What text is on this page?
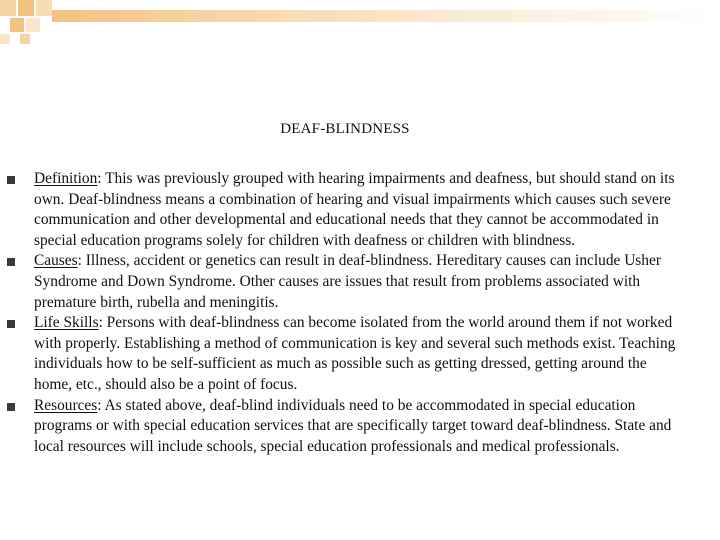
DEAF-BLINDNESS
Definition: This was previously grouped with hearing impairments and deafness, but should stand on its own. Deaf-blindness means a combination of hearing and visual impairments which causes such severe communication and other developmental and educational needs that they cannot be accommodated in special education programs solely for children with deafness or children with blindness.
Causes: Illness, accident or genetics can result in deaf-blindness. Hereditary causes can include Usher Syndrome and Down Syndrome. Other causes are issues that result from problems associated with premature birth, rubella and meningitis.
Life Skills: Persons with deaf-blindness can become isolated from the world around them if not worked with properly. Establishing a method of communication is key and several such methods exist. Teaching individuals how to be self-sufficient as much as possible such as getting dressed, getting around the home, etc., should also be a point of focus.
Resources: As stated above, deaf-blind individuals need to be accommodated in special education programs or with special education services that are specifically target toward deaf-blindness. State and local resources will include schools, special education professionals and medical professionals.
